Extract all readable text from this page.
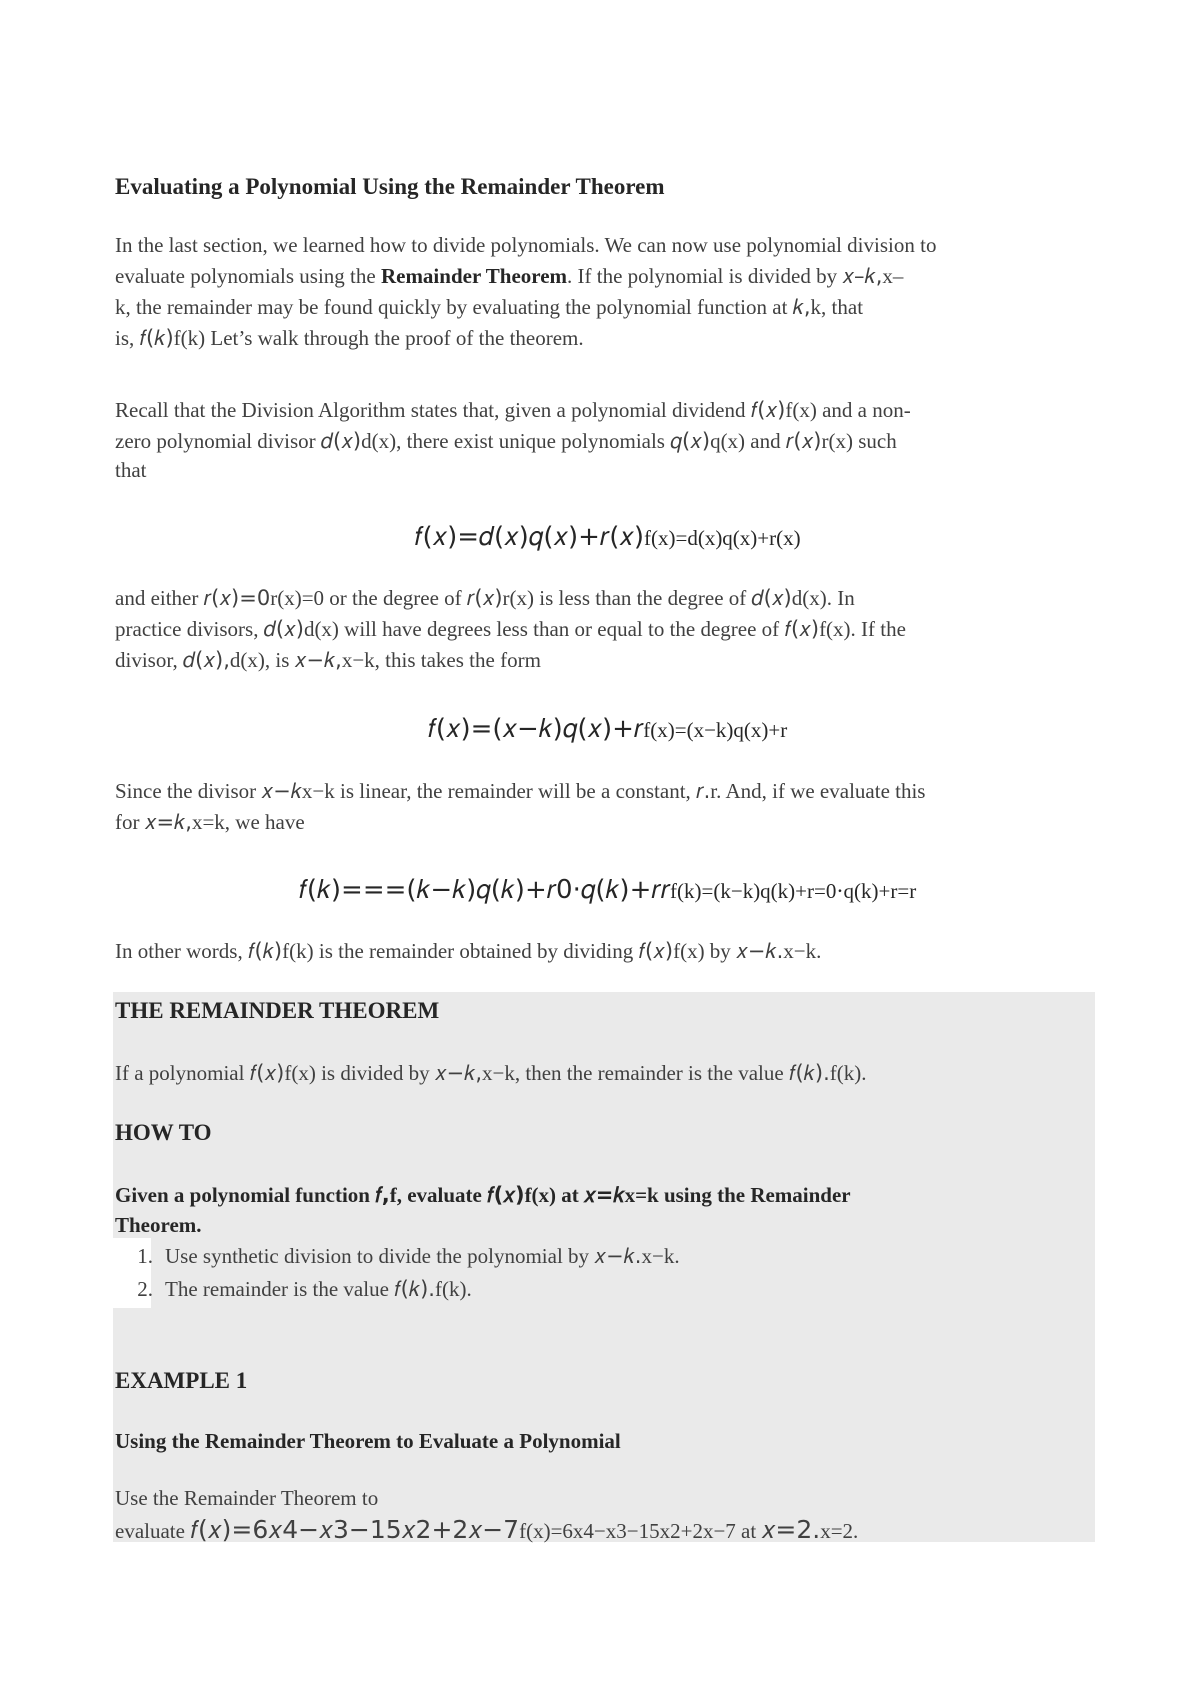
Evaluating a Polynomial Using the Remainder Theorem
In the last section, we learned how to divide polynomials. We can now use polynomial division to
evaluate polynomials using the Remainder Theorem. If the polynomial is divided by 𝑥–𝑘,x–
k, the remainder may be found quickly by evaluating the polynomial function at 𝑘,k, that
is, 𝑓(𝑘)f(k) Let’s walk through the proof of the theorem.
Recall that the Division Algorithm states that, given a polynomial dividend 𝑓(𝑥)f(x) and a non-
zero polynomial divisor 𝑑(𝑥)d(x), there exist unique polynomials 𝑞(𝑥)q(x) and 𝑟(𝑥)r(x) such
that
𝑓(𝑥)=𝑑(𝑥)𝑞(𝑥)+𝑟(𝑥)f(x)=d(x)q(x)+r(x)
and either 𝑟(𝑥)=0r(x)=0 or the degree of 𝑟(𝑥)r(x) is less than the degree of 𝑑(𝑥)d(x). In
practice divisors, 𝑑(𝑥)d(x) will have degrees less than or equal to the degree of 𝑓(𝑥)f(x). If the
divisor, 𝑑(𝑥),d(x), is 𝑥−𝑘,x−k, this takes the form
𝑓(𝑥)=(𝑥−𝑘)𝑞(𝑥)+𝑟f(x)=(x−k)q(x)+r
Since the divisor 𝑥−𝑘x−k is linear, the remainder will be a constant, 𝑟.r. And, if we evaluate this
for 𝑥=𝑘,x=k, we have
𝑓(𝑘)===(𝑘−𝑘)𝑞(𝑘)+𝑟0⋅𝑞(𝑘)+𝑟𝑟f(k)=(k−k)q(k)+r=0⋅q(k)+r=r
In other words, 𝑓(𝑘)f(k) is the remainder obtained by dividing 𝑓(𝑥)f(x) by 𝑥−𝑘.x−k.
THE REMAINDER THEOREM
If a polynomial 𝑓(𝑥)f(x) is divided by 𝑥−𝑘,x−k, then the remainder is the value 𝑓(𝑘).f(k).
HOW TO
Given a polynomial function 𝑓,f, evaluate 𝑓(𝑥)f(x) at 𝑥=𝑘x=k using the Remainder
Theorem.
1. Use synthetic division to divide the polynomial by 𝑥−𝑘.x−k.
2. The remainder is the value 𝑓(𝑘).f(k).
EXAMPLE 1
Using the Remainder Theorem to Evaluate a Polynomial
Use the Remainder Theorem to
evaluate 𝑓(𝑥)=6𝑥4−𝑥3−15𝑥2+2𝑥−7f(x)=6x4−x3−15x2+2x−7 at 𝑥=2.x=2.
